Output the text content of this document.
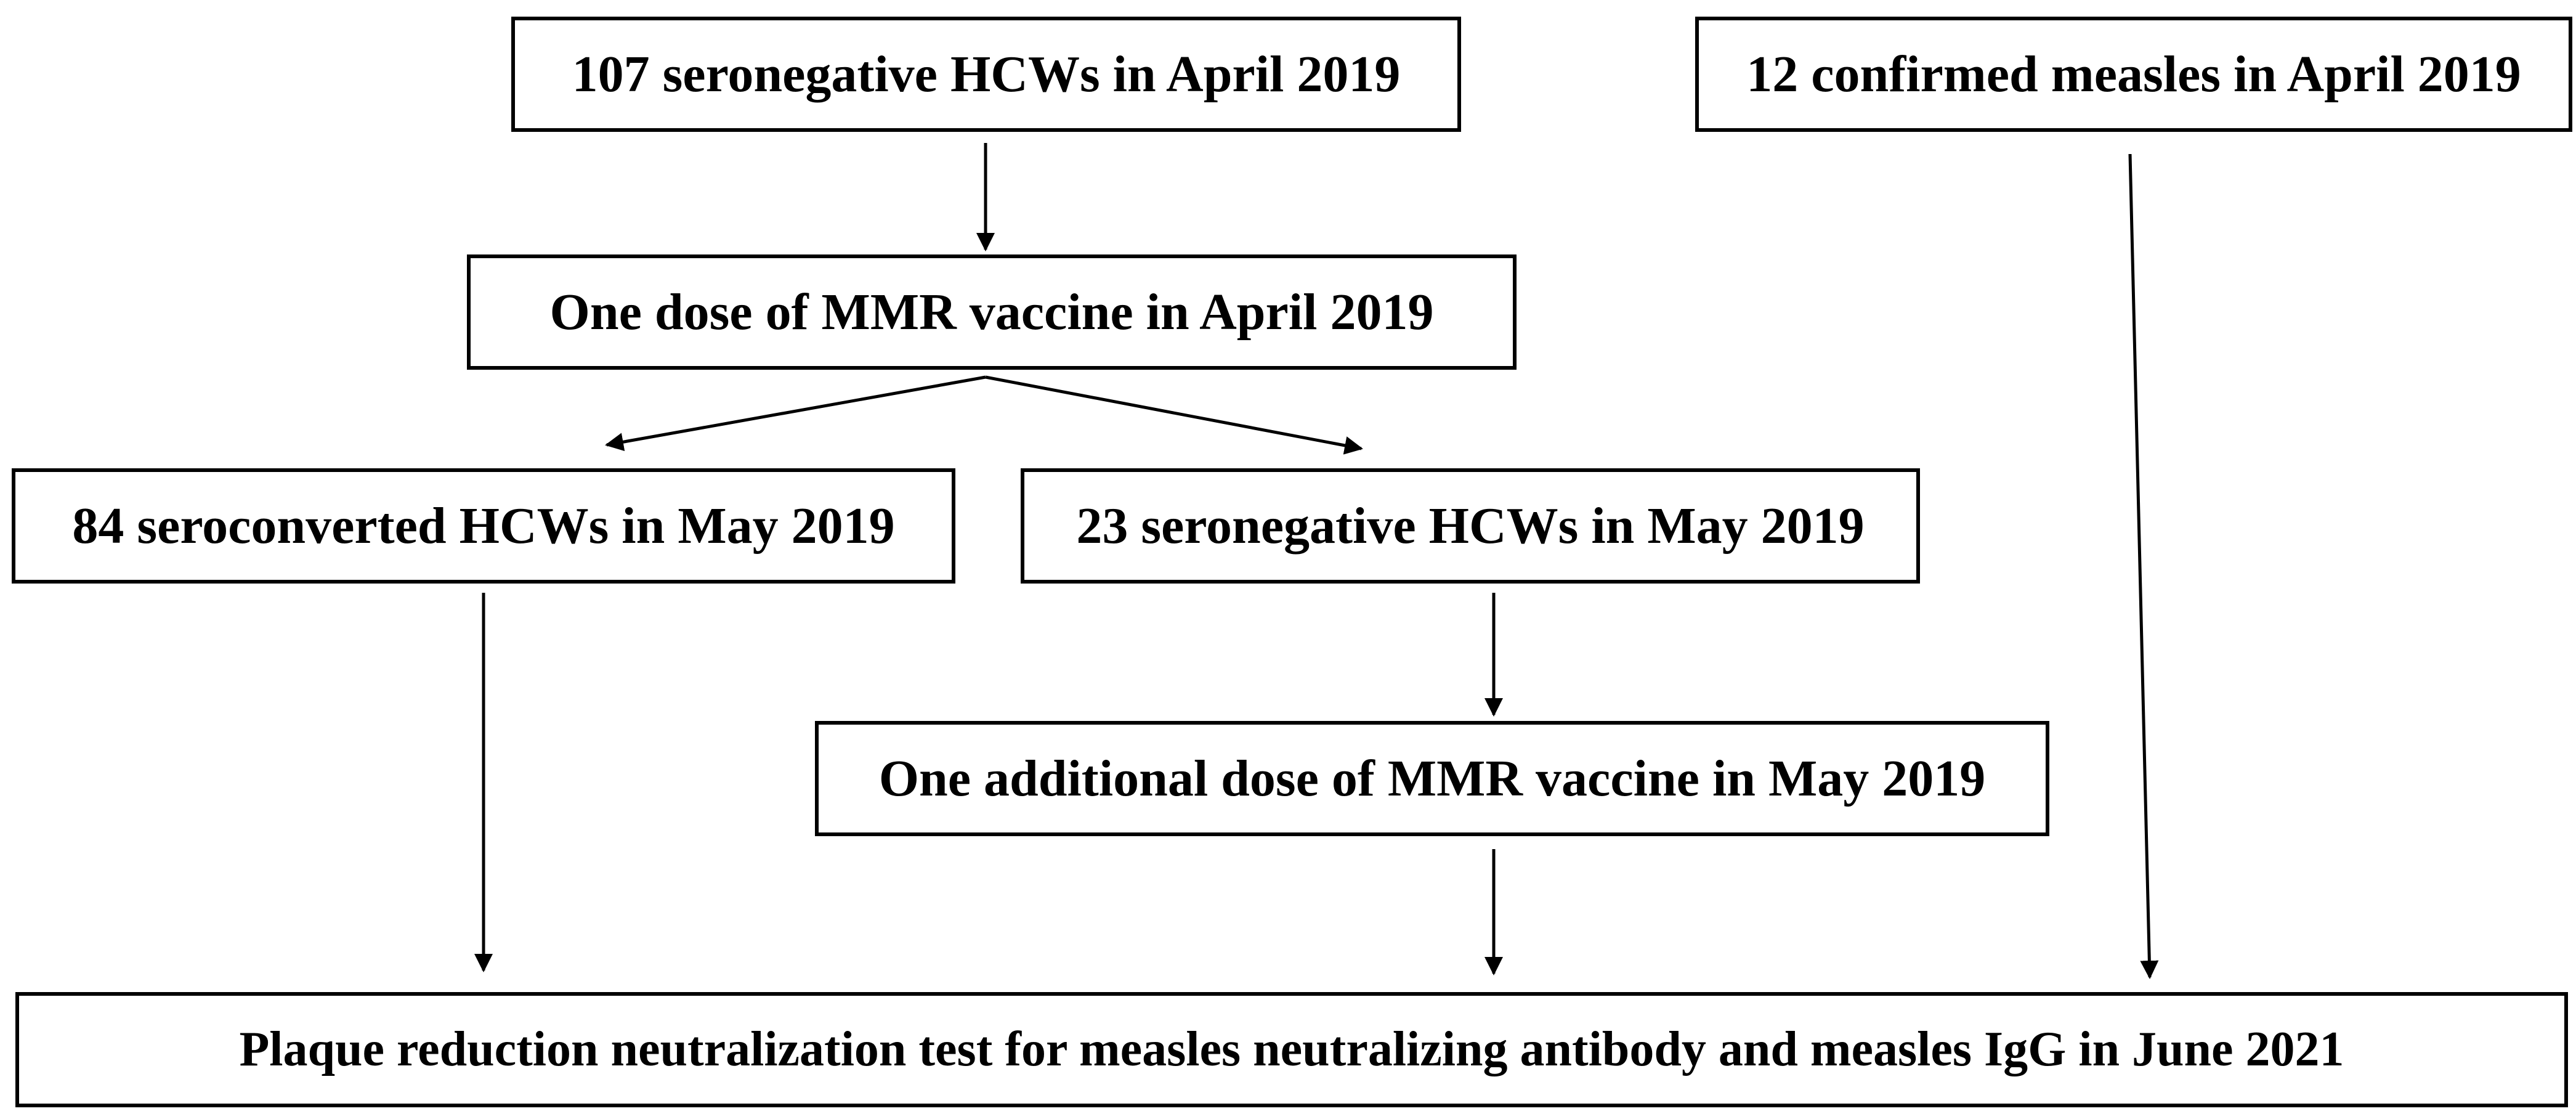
107 seronegative HCWs in April 2019	12 confirmed measles in April 2019
One dose of MMR vaccine in April 2019
84 seroconverted HCWs in May 2019	23 seronegative HCWs in May 2019
One additional dose of MMR vaccine in May 2019
Plaque reduction neutralization test for measles neutralizing antibody and measles IgG in June 2021
